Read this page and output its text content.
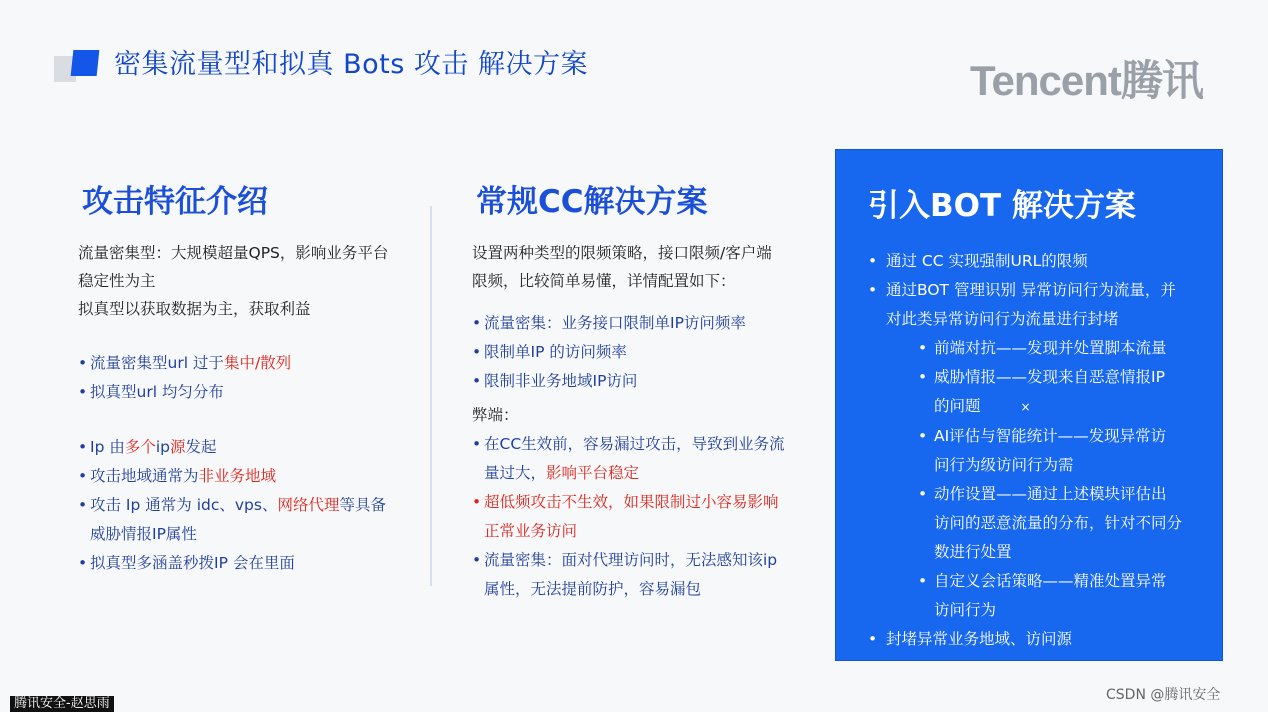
密集流量型和拟真 Bots 攻击 解决方案	Tencent腾讯
攻击特征介绍

流量密集型：大规模超量QPS，影响业务平台

稳定性为主

拟真型以获取数据为主，获取利益

• 流量密集型url 过于集中/散列

• 拟真型url 均匀分布

• Ip 由多个ip源发起

• 攻击地域通常为非业务地域

• 攻击 Ip 通常为 idc、vps、网络代理等具备
威胁情报IP属性

• 拟真型多涵盖秒拨IP 会在里面

常规CC解决方案

设置两种类型的限频策略，接口限频/客户端

限频，比较简单易懂，详情配置如下：

• 流量密集：业务接口限制单IP访问频率

• 限制单IP 的访问频率

• 限制非业务地域IP访问

弊端：

• 在CC生效前，容易漏过攻击，导致到业务流
量过大，影响平台稳定

• 超低频攻击不生效，如果限制过小容易影响
正常业务访问

• 流量密集：面对代理访问时，无法感知该ip
属性，无法提前防护，容易漏包

引入BOT 解决方案

• 通过 CC 实现强制URL的限频

• 通过BOT 管理识别 异常访问行为流量，并
对此类异常访问行为流量进行封堵

• 前端对抗——发现并处置脚本流量

• 威胁情报——发现来自恶意情报IP
的问题	×

• AI评估与智能统计——发现异常访
问行为级访问行为需

• 动作设置——通过上述模块评估出
访问的恶意流量的分布，针对不同分
数进行处置

• 自定义会话策略——精准处置异常
访问行为

• 封堵异常业务地域、访问源

腾讯安全-赵思雨
CSDN @腾讯安全
